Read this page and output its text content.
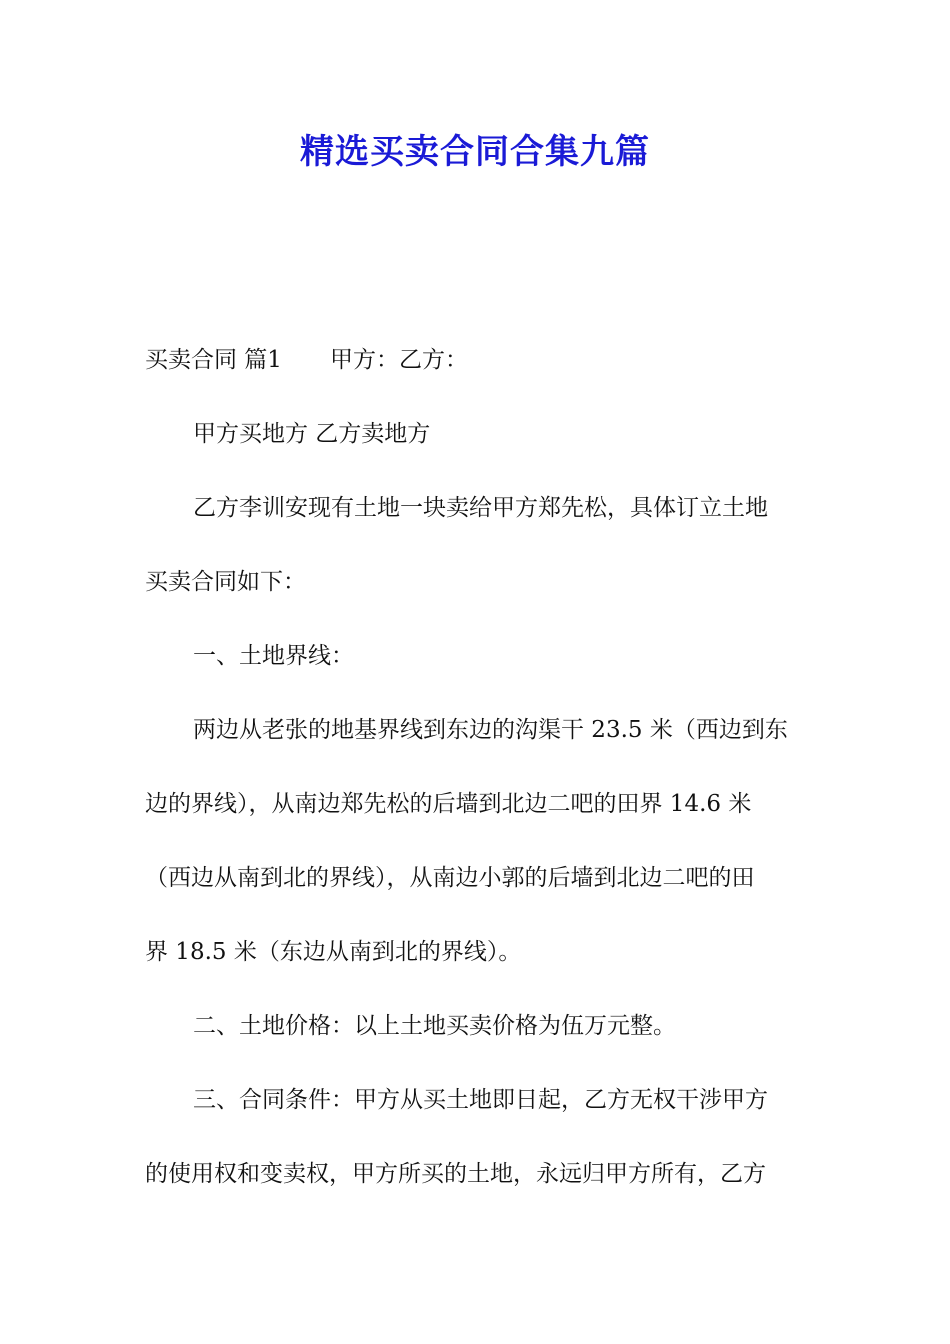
精选买卖合同合集九篇
买卖合同 篇1 甲方：乙方：
甲方买地方 乙方卖地方
乙方李训安现有土地一块卖给甲方郑先松，具体订立土地
买卖合同如下：
一、土地界线：
两边从老张的地基界线到东边的沟渠干 23.5 米（西边到东
边的界线），从南边郑先松的后墙到北边二吧的田界 14.6 米
（西边从南到北的界线），从南边小郭的后墙到北边二吧的田
界 18.5 米（东边从南到北的界线）。
二、土地价格：以上土地买卖价格为伍万元整。
三、合同条件：甲方从买土地即日起，乙方无权干涉甲方
的使用权和变卖权，甲方所买的土地，永远归甲方所有，乙方
